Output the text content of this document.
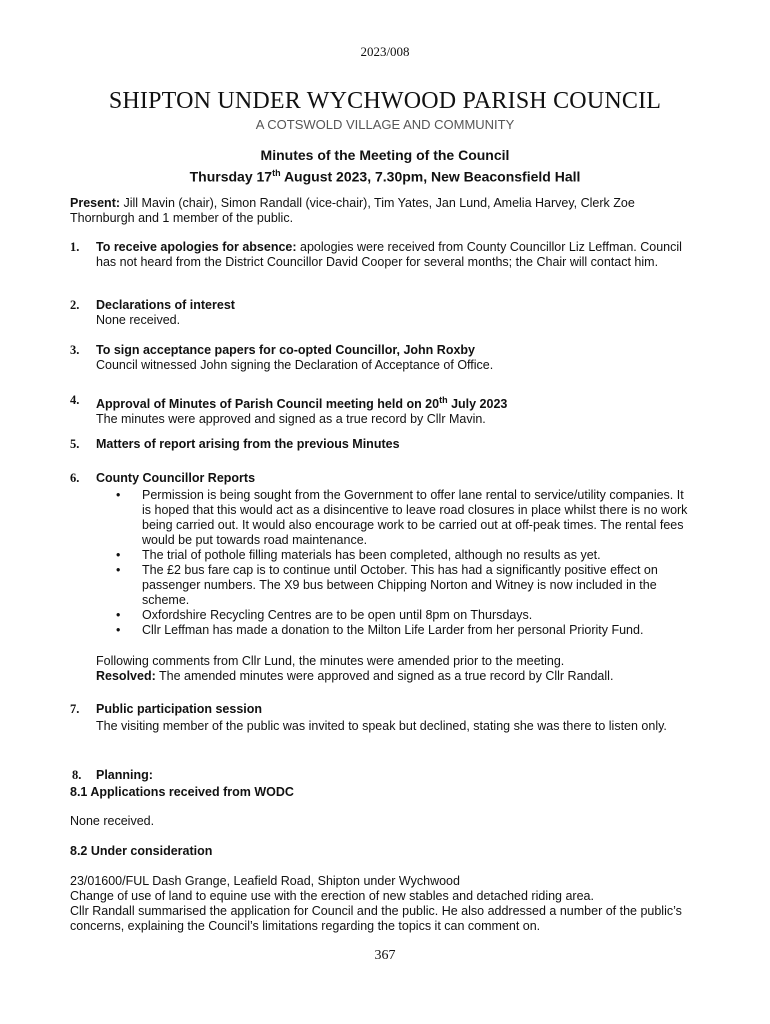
2023/008
SHIPTON UNDER WYCHWOOD PARISH COUNCIL
A COTSWOLD VILLAGE AND COMMUNITY
Minutes of the Meeting of the Council
Thursday 17th August 2023, 7.30pm, New Beaconsfield Hall
Present: Jill Mavin (chair), Simon Randall (vice-chair), Tim Yates, Jan Lund, Amelia Harvey, Clerk Zoe Thornburgh and 1 member of the public.
1.	To receive apologies for absence: apologies were received from County Councillor Liz Leffman. Council has not heard from the District Councillor David Cooper for several months; the Chair will contact him.
2.	Declarations of interest
None received.
3.	To sign acceptance papers for co-opted Councillor, John Roxby
Council witnessed John signing the Declaration of Acceptance of Office.
4.	Approval of Minutes of Parish Council meeting held on 20th July 2023
The minutes were approved and signed as a true record by Cllr Mavin.
5.	Matters of report arising from the previous Minutes
6.	County Councillor Reports
• Permission is being sought from the Government to offer lane rental to service/utility companies. It is hoped that this would act as a disincentive to leave road closures in place whilst there is no work being carried out. It would also encourage work to be carried out at off-peak times. The rental fees would be put towards road maintenance.
• The trial of pothole filling materials has been completed, although no results as yet.
• The £2 bus fare cap is to continue until October. This has had a significantly positive effect on passenger numbers. The X9 bus between Chipping Norton and Witney is now included in the scheme.
• Oxfordshire Recycling Centres are to be open until 8pm on Thursdays.
• Cllr Leffman has made a donation to the Milton Life Larder from her personal Priority Fund.
Following comments from Cllr Lund, the minutes were amended prior to the meeting.
Resolved: The amended minutes were approved and signed as a true record by Cllr Randall.
7.	Public participation session
The visiting member of the public was invited to speak but declined, stating she was there to listen only.
8.	Planning:
8.1 Applications received from WODC
None received.
8.2 Under consideration
23/01600/FUL Dash Grange, Leafield Road, Shipton under Wychwood
Change of use of land to equine use with the erection of new stables and detached riding area.
Cllr Randall summarised the application for Council and the public. He also addressed a number of the public’s concerns, explaining the Council’s limitations regarding the topics it can comment on.
367
